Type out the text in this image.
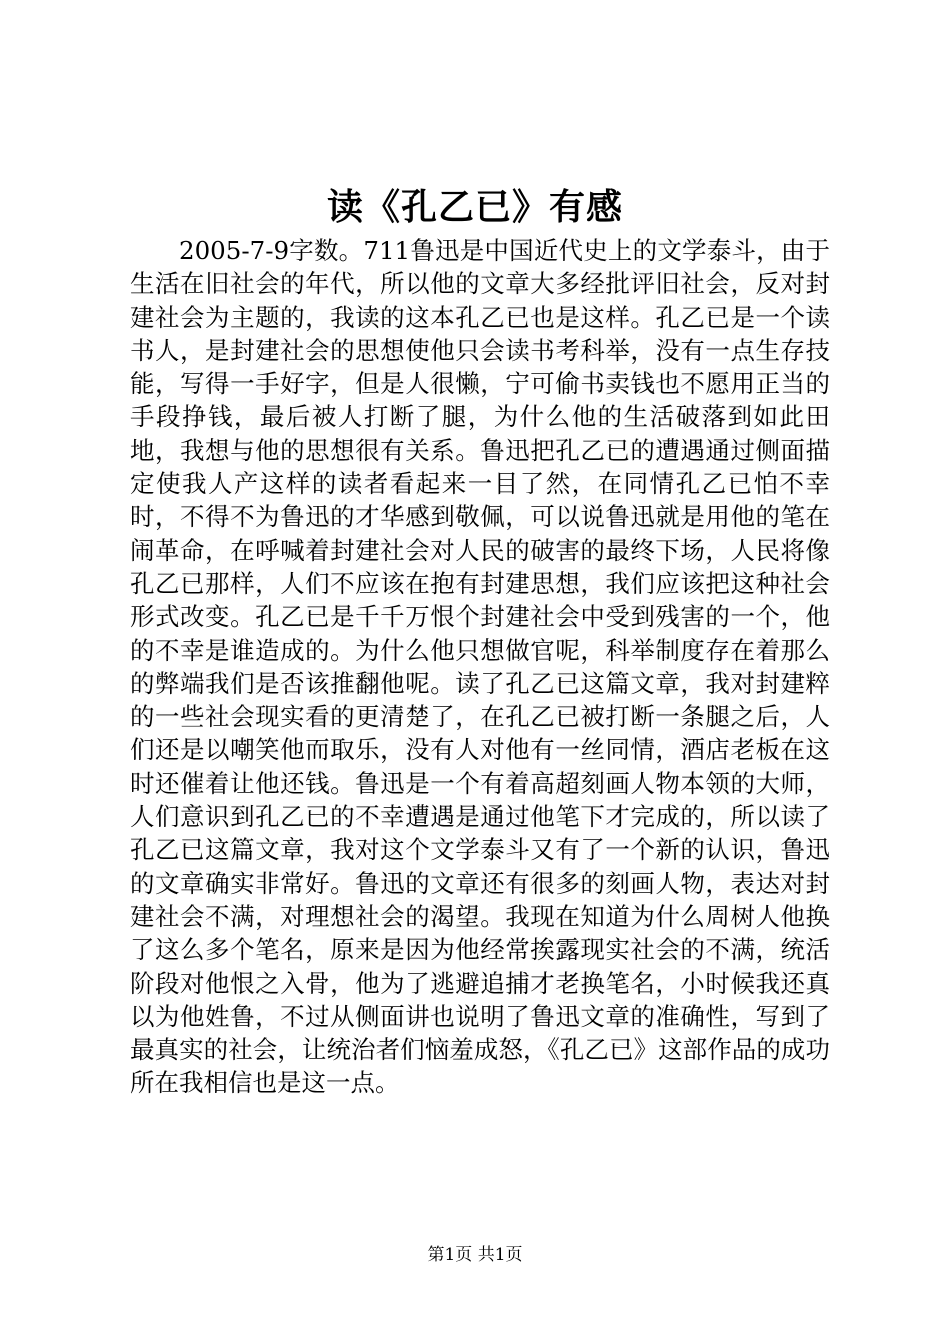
读《孔乙已》有感

2005-7-9字数。711鲁迅是中国近代史上的文学泰斗，由于生活在旧社会的年代，所以他的文章大多经批评旧社会，反对封建社会为主题的，我读的这本孔乙已也是这样。孔乙已是一个读书人，是封建社会的思想使他只会读书考科举，没有一点生存技能，写得一手好字，但是人很懒，宁可偷书卖钱也不愿用正当的手段挣钱，最后被人打断了腿，为什么他的生活破落到如此田地，我想与他的思想很有关系。鲁迅把孔乙已的遭遇通过侧面描定使我人产这样的读者看起来一目了然，在同情孔乙已怕不幸时，不得不为鲁迅的才华感到敬佩，可以说鲁迅就是用他的笔在闹革命，在呼喊着封建社会对人民的破害的最终下场，人民将像孔乙已那样，人们不应该在抱有封建思想，我们应该把这种社会形式改变。孔乙已是千千万恨个封建社会中受到残害的一个，他的不幸是谁造成的。为什么他只想做官呢，科举制度存在着那么的弊端我们是否该推翻他呢。读了孔乙已这篇文章，我对封建粹的一些社会现实看的更清楚了，在孔乙已被打断一条腿之后，人们还是以嘲笑他而取乐，没有人对他有一丝同情，酒店老板在这时还催着让他还钱。鲁迅是一个有着高超刻画人物本领的大师，人们意识到孔乙已的不幸遭遇是通过他笔下才完成的，所以读了孔乙已这篇文章，我对这个文学泰斗又有了一个新的认识，鲁迅的文章确实非常好。鲁迅的文章还有很多的刻画人物，表达对封建社会不满，对理想社会的渴望。我现在知道为什么周树人他换了这么多个笔名，原来是因为他经常挨露现实社会的不满，统活阶段对他恨之入骨，他为了逃避追捕才老换笔名，小时候我还真以为他姓鲁，不过从侧面讲也说明了鲁迅文章的准确性，写到了最真实的社会，让统治者们恼羞成怒，《孔乙已》这部作品的成功所在我相信也是这一点。

第1页 共1页
